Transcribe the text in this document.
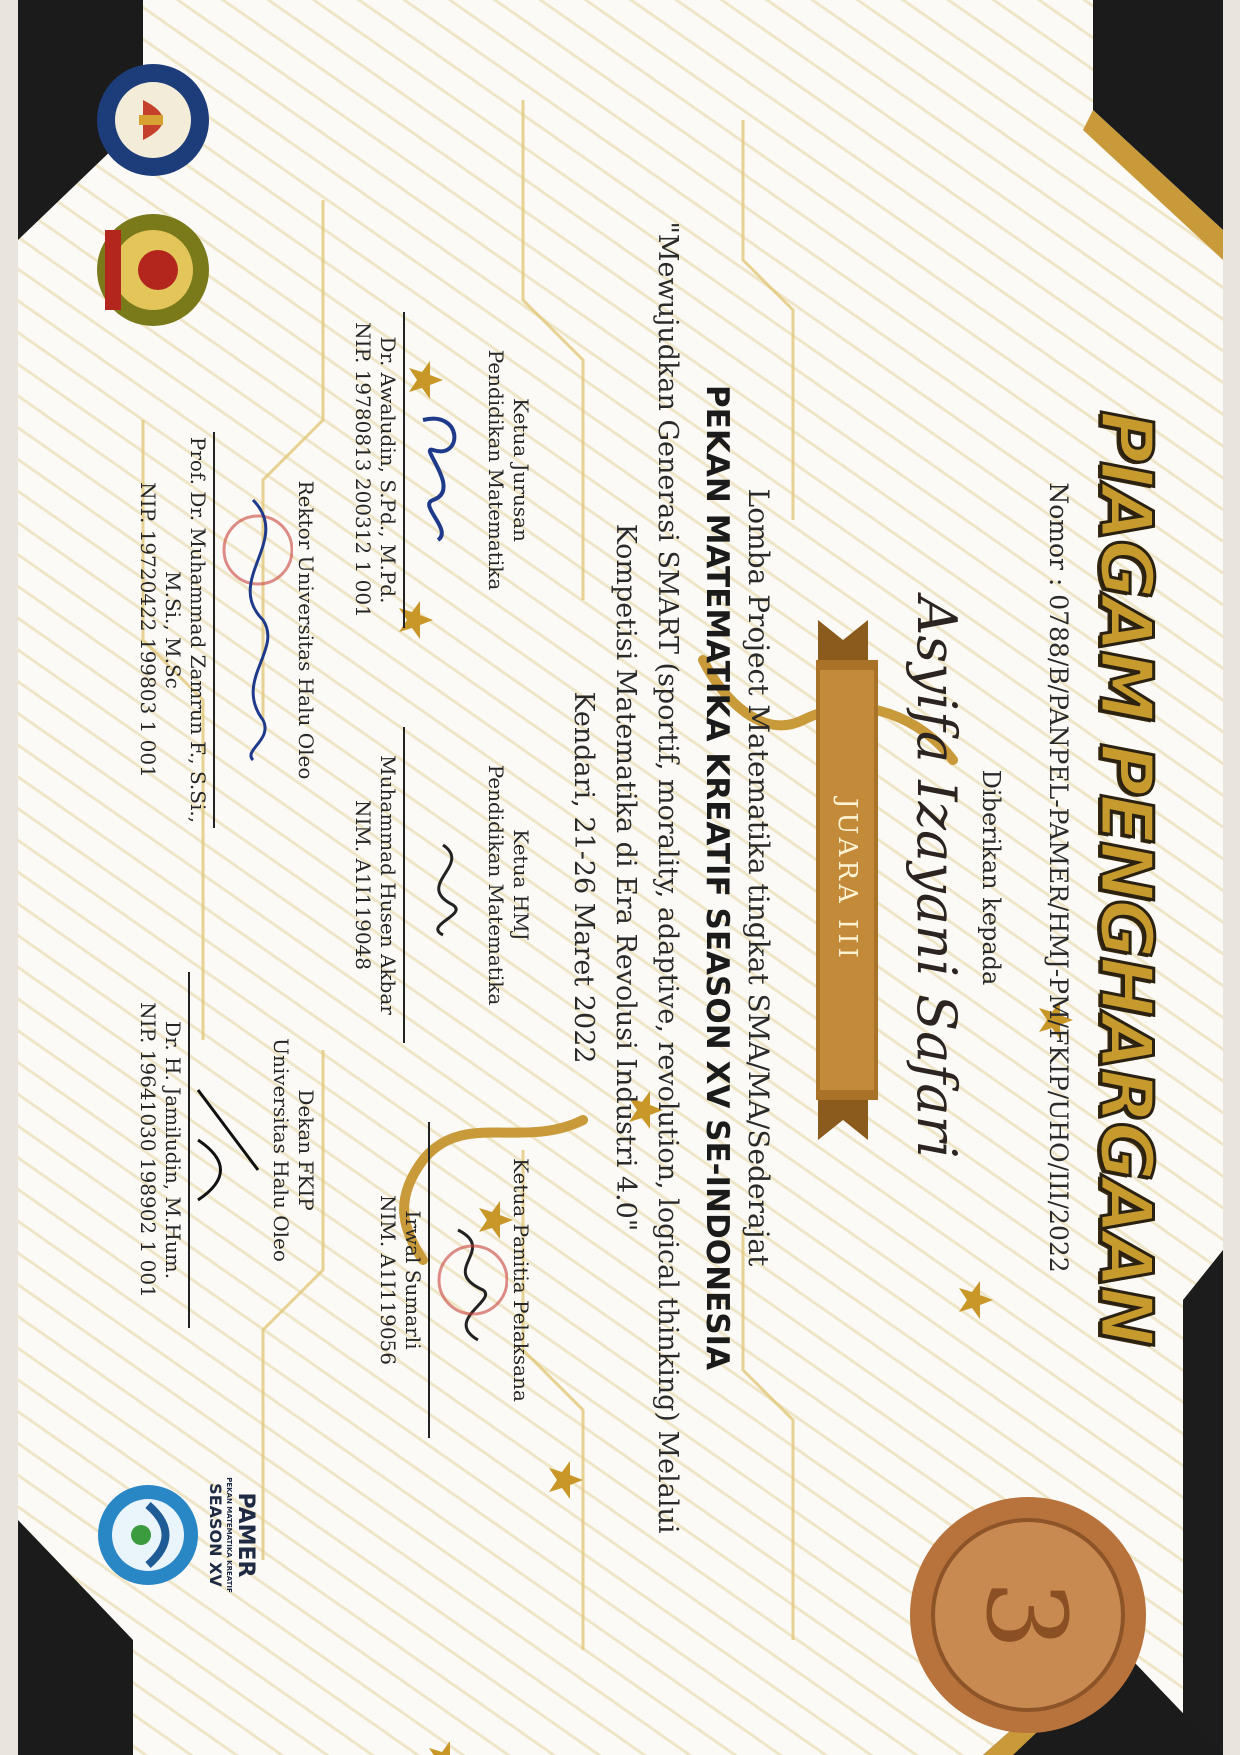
3
PAMER
PEKAN MATEMATIKA KREATIF
SEASON XV
PIAGAM PENGHARGAAN
Nomor : 0788/B/PANPEL-PAMER/HMJ-PM/FKIP/UHO/III/2022
Diberikan kepada
Asyifa Izayani Safari
JUARA III
Lomba Project Matematika tingkat SMA/MA/Sederajat
PEKAN MATEMATIKA KREATIF SEASON XV SE-INDONESIA
"Mewujudkan Generasi SMART (sportif, morality, adaptive, revolution, logical thinking) Melalui
Kompetisi Matematika di Era Revolusi Industri 4.0"
Kendari, 21-26 Maret 2022
Ketua Jurusan
Pendidikan Matematika
Dr. Awaludin, S.Pd., M.Pd.
NIP. 19780813 200312 1 001
Ketua HMJ
Pendidikan Matematika
Muhammad Husen Akbar
NIM. A1I119048
Ketua Panitia Pelaksana
Irwal Sumarli
NIM. A1I119056
Rektor Universitas Halu Oleo
Prof. Dr. Muhammad Zamrun F., S.Si., M.Si., M.Sc
NIP. 19720422 199803 1 001
Dekan FKIP
Universitas Halu Oleo
Dr. H. Jamiludin, M.Hum.
NIP. 19641030 198902 1 001
